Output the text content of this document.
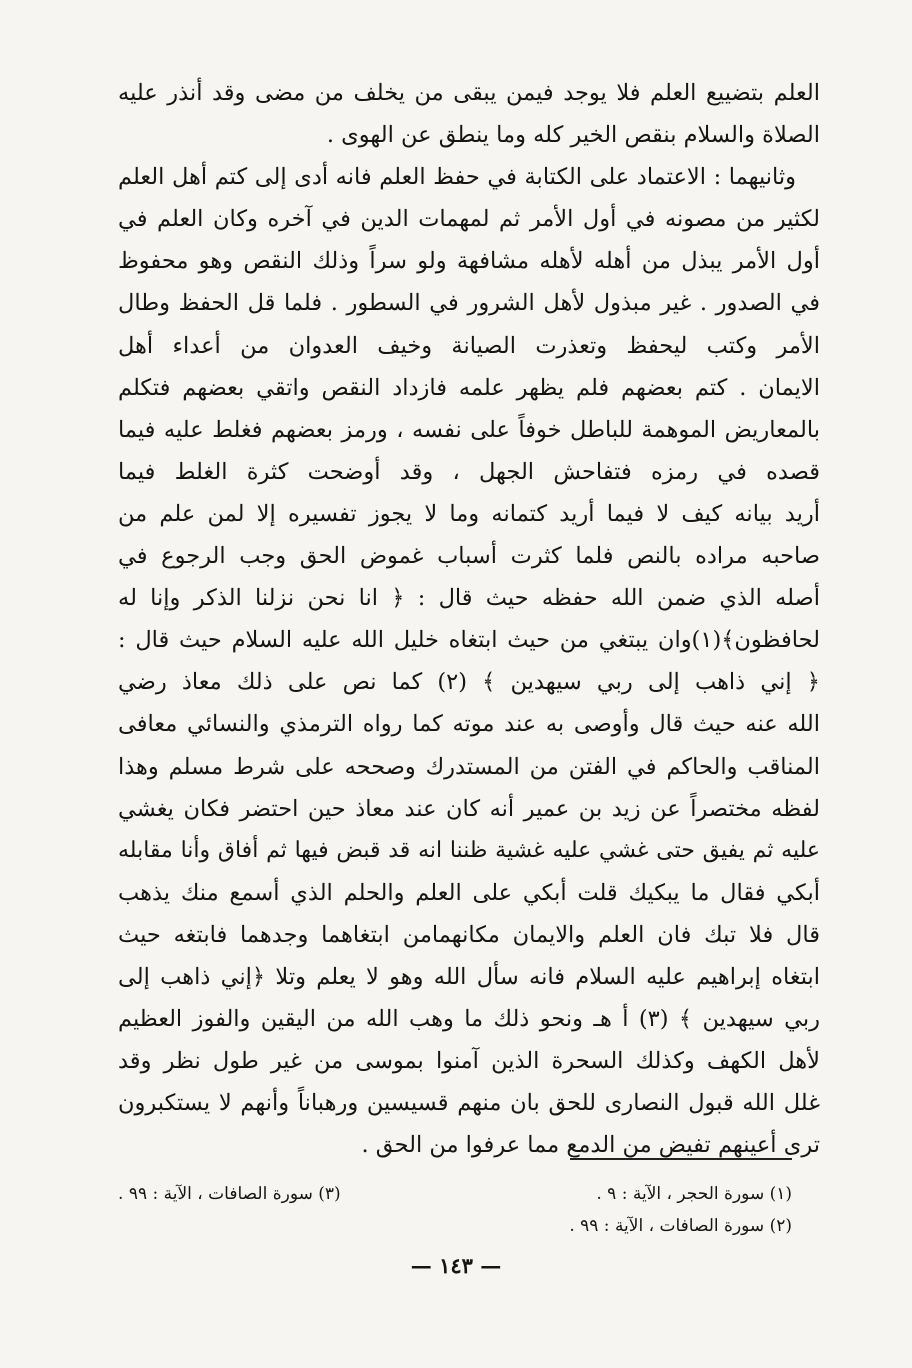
العلم بتضييع العلم فلا يوجد فيمن يبقى من يخلف من مضى وقد أنذر عليه
الصلاة والسلام بنقص الخير كله وما ينطق عن الهوى .
وثانيهما : الاعتماد على الكتابة في حفظ العلم فانه أدى إلى كتم أهل العلم
لكثير من مصونه في أول الأمر ثم لمهمات الدين في آخره وكان العلم في
أول الأمر يبذل من أهله لأهله مشافهة ولو سراً وذلك النقص وهو محفوظ
في الصدور . غير مبذول لأهل الشرور في السطور . فلما قل الحفظ وطال
الأمر وكتب ليحفظ وتعذرت الصيانة وخيف العدوان من أعداء أهل
الايمان . كتم بعضهم فلم يظهر علمه فازداد النقص واتقي بعضهم فتكلم
بالمعاريض الموهمة للباطل خوفاً على نفسه ، ورمز بعضهم فغلط عليه فيما
قصده في رمزه فتفاحش الجهل ، وقد أوضحت كثرة الغلط فيما
أريد بيانه كيف لا فيما أريد كتمانه وما لا يجوز تفسيره إلا لمن علم من
صاحبه مراده بالنص فلما كثرت أسباب غموض الحق وجب الرجوع في
أصله الذي ضمن الله حفظه حيث قال : ﴿ انا نحن نزلنا الذكر وإنا له
لحافظون﴾(١)وان يبتغي من حيث ابتغاه خليل الله عليه السلام حيث قال :
﴿ إني ذاهب إلى ربي سيهدين ﴾ (٢) كما نص على ذلك معاذ رضي
الله عنه حيث قال وأوصى به عند موته كما رواه الترمذي والنسائي معافى
المناقب والحاكم في الفتن من المستدرك وصححه على شرط مسلم وهذا
لفظه مختصراً عن زيد بن عمير أنه كان عند معاذ حين احتضر فكان يغشي
عليه ثم يفيق حتى غشي عليه غشية ظننا انه قد قبض فيها ثم أفاق وأنا مقابله
أبكي فقال ما يبكيك قلت أبكي على العلم والحلم الذي أسمع منك يذهب
قال فلا تبك فان العلم والايمان مكانهمامن ابتغاهما وجدهما فابتغه حيث
ابتغاه إبراهيم عليه السلام فانه سأل الله وهو لا يعلم وتلا ﴿إني ذاهب إلى
ربي سيهدين ﴾ (٣) أ هـ ونحو ذلك ما وهب الله من اليقين والفوز العظيم
لأهل الكهف وكذلك السحرة الذين آمنوا بموسى من غير طول نظر وقد
غلل الله قبول النصارى للحق بان منهم قسيسين ورهباناً وأنهم لا يستكبرون
ترى أعينهم تفيض من الدمع مما عرفوا من الحق .
(١) سورة الحجر ، الآية : ٩ .
(٣) سورة الصافات ، الآية : ٩٩ .
(٢) سورة الصافات ، الآية : ٩٩ .
— ١٤٣ —
